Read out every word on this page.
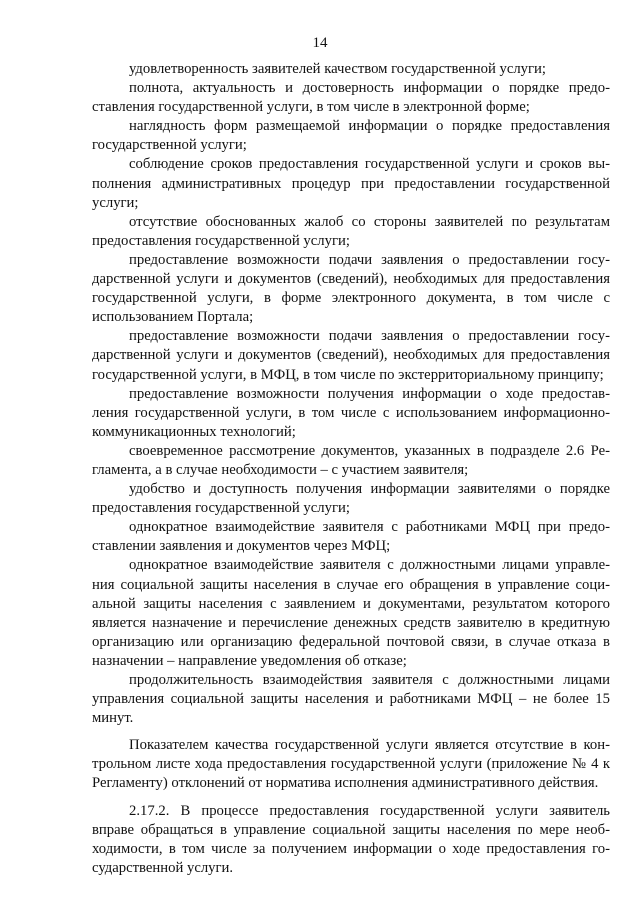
14

удовлетворенность заявителей качеством государственной услуги;

полнота, актуальность и достоверность информации о порядке предоставления государственной услуги, в том числе в электронной форме;

наглядность форм размещаемой информации о порядке предоставления государственной услуги;

соблюдение сроков предоставления государственной услуги и сроков выполнения административных процедур при предоставлении государственной услуги;

отсутствие обоснованных жалоб со стороны заявителей по результатам предоставления государственной услуги;

предоставление возможности подачи заявления о предоставлении государственной услуги и документов (сведений), необходимых для предоставления государственной услуги, в форме электронного документа, в том числе с использованием Портала;

предоставление возможности подачи заявления о предоставлении государственной услуги и документов (сведений), необходимых для предоставления государственной услуги, в МФЦ, в том числе по экстерриториальному принципу;

предоставление возможности получения информации о ходе предоставления государственной услуги, в том числе с использованием информационно-коммуникационных технологий;

своевременное рассмотрение документов, указанных в подразделе 2.6 Регламента, а в случае необходимости – с участием заявителя;

удобство и доступность получения информации заявителями о порядке предоставления государственной услуги;

однократное взаимодействие заявителя с работниками МФЦ при предоставлении заявления и документов через МФЦ;

однократное взаимодействие заявителя с должностными лицами управления социальной защиты населения в случае его обращения в управление социальной защиты населения с заявлением и документами, результатом которого является назначение и перечисление денежных средств заявителю в кредитную организацию или организацию федеральной почтовой связи, в случае отказа в назначении – направление уведомления об отказе;

продолжительность взаимодействия заявителя с должностными лицами управления социальной защиты населения и работниками МФЦ – не более 15 минут.

Показателем качества государственной услуги является отсутствие в контрольном листе хода предоставления государственной услуги (приложение № 4 к Регламенту) отклонений от норматива исполнения административного действия.

2.17.2. В процессе предоставления государственной услуги заявитель вправе обращаться в управление социальной защиты населения по мере необходимости, в том числе за получением информации о ходе предоставления государственной услуги.
